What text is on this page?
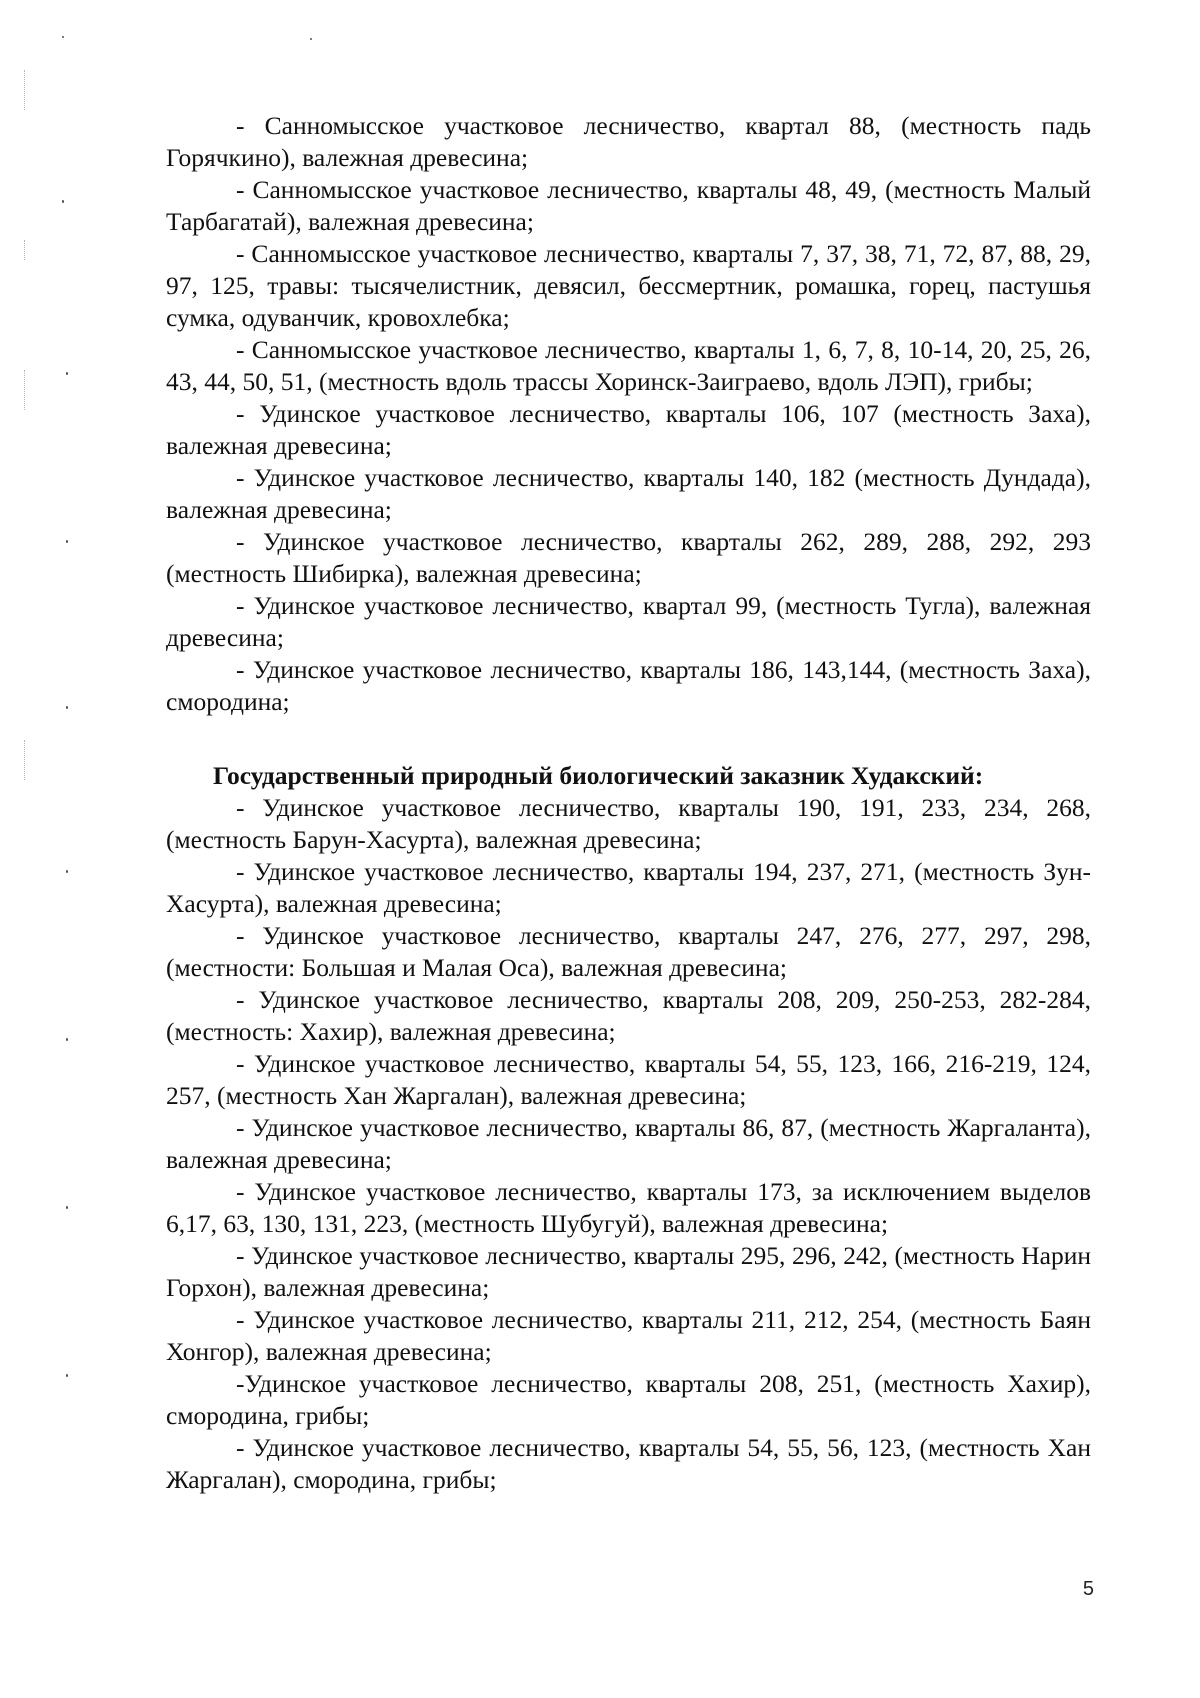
- Санномысское участковое лесничество, квартал 88, (местность падь Горячкино), валежная древесина;

- Санномысское участковое лесничество, кварталы 48, 49, (местность Малый Тарбагатай), валежная древесина;

- Санномысское участковое лесничество, кварталы 7, 37, 38, 71, 72, 87, 88, 29, 97, 125, травы: тысячелистник, девясил, бессмертник, ромашка, горец, пастушья сумка, одуванчик, кровохлебка;

- Санномысское участковое лесничество, кварталы 1, 6, 7, 8, 10-14, 20, 25, 26, 43, 44, 50, 51, (местность вдоль трассы Хоринск-Заиграево, вдоль ЛЭП), грибы;

- Удинское участковое лесничество, кварталы 106, 107 (местность Заха), валежная древесина;

- Удинское участковое лесничество, кварталы 140, 182 (местность Дундада), валежная древесина;

- Удинское участковое лесничество, кварталы 262, 289, 288, 292, 293 (местность Шибирка), валежная древесина;

- Удинское участковое лесничество, квартал 99, (местность Тугла), валежная древесина;

- Удинское участковое лесничество, кварталы 186, 143,144, (местность Заха), смородина;

Государственный природный биологический заказник Худакский:

- Удинское участковое лесничество, кварталы 190, 191, 233, 234, 268, (местность Барун-Хасурта), валежная древесина;

- Удинское участковое лесничество, кварталы 194, 237, 271, (местность Зун-Хасурта), валежная древесина;

- Удинское участковое лесничество, кварталы 247, 276, 277, 297, 298, (местности: Большая и Малая Оса), валежная древесина;

- Удинское участковое лесничество, кварталы 208, 209, 250-253, 282-284, (местность: Хахир), валежная древесина;

- Удинское участковое лесничество, кварталы 54, 55, 123, 166, 216-219, 124, 257, (местность Хан Жаргалан), валежная древесина;

- Удинское участковое лесничество, кварталы 86, 87, (местность Жаргаланта), валежная древесина;

- Удинское участковое лесничество, кварталы 173, за исключением выделов 6,17, 63, 130, 131, 223, (местность Шубугуй), валежная древесина;

- Удинское участковое лесничество, кварталы 295, 296, 242, (местность Нарин Горхон), валежная древесина;

- Удинское участковое лесничество, кварталы 211, 212, 254, (местность Баян Хонгор), валежная древесина;

-Удинское участковое лесничество, кварталы 208, 251, (местность Хахир), смородина, грибы;

- Удинское участковое лесничество, кварталы 54, 55, 56, 123, (местность Хан Жаргалан), смородина, грибы;

5
